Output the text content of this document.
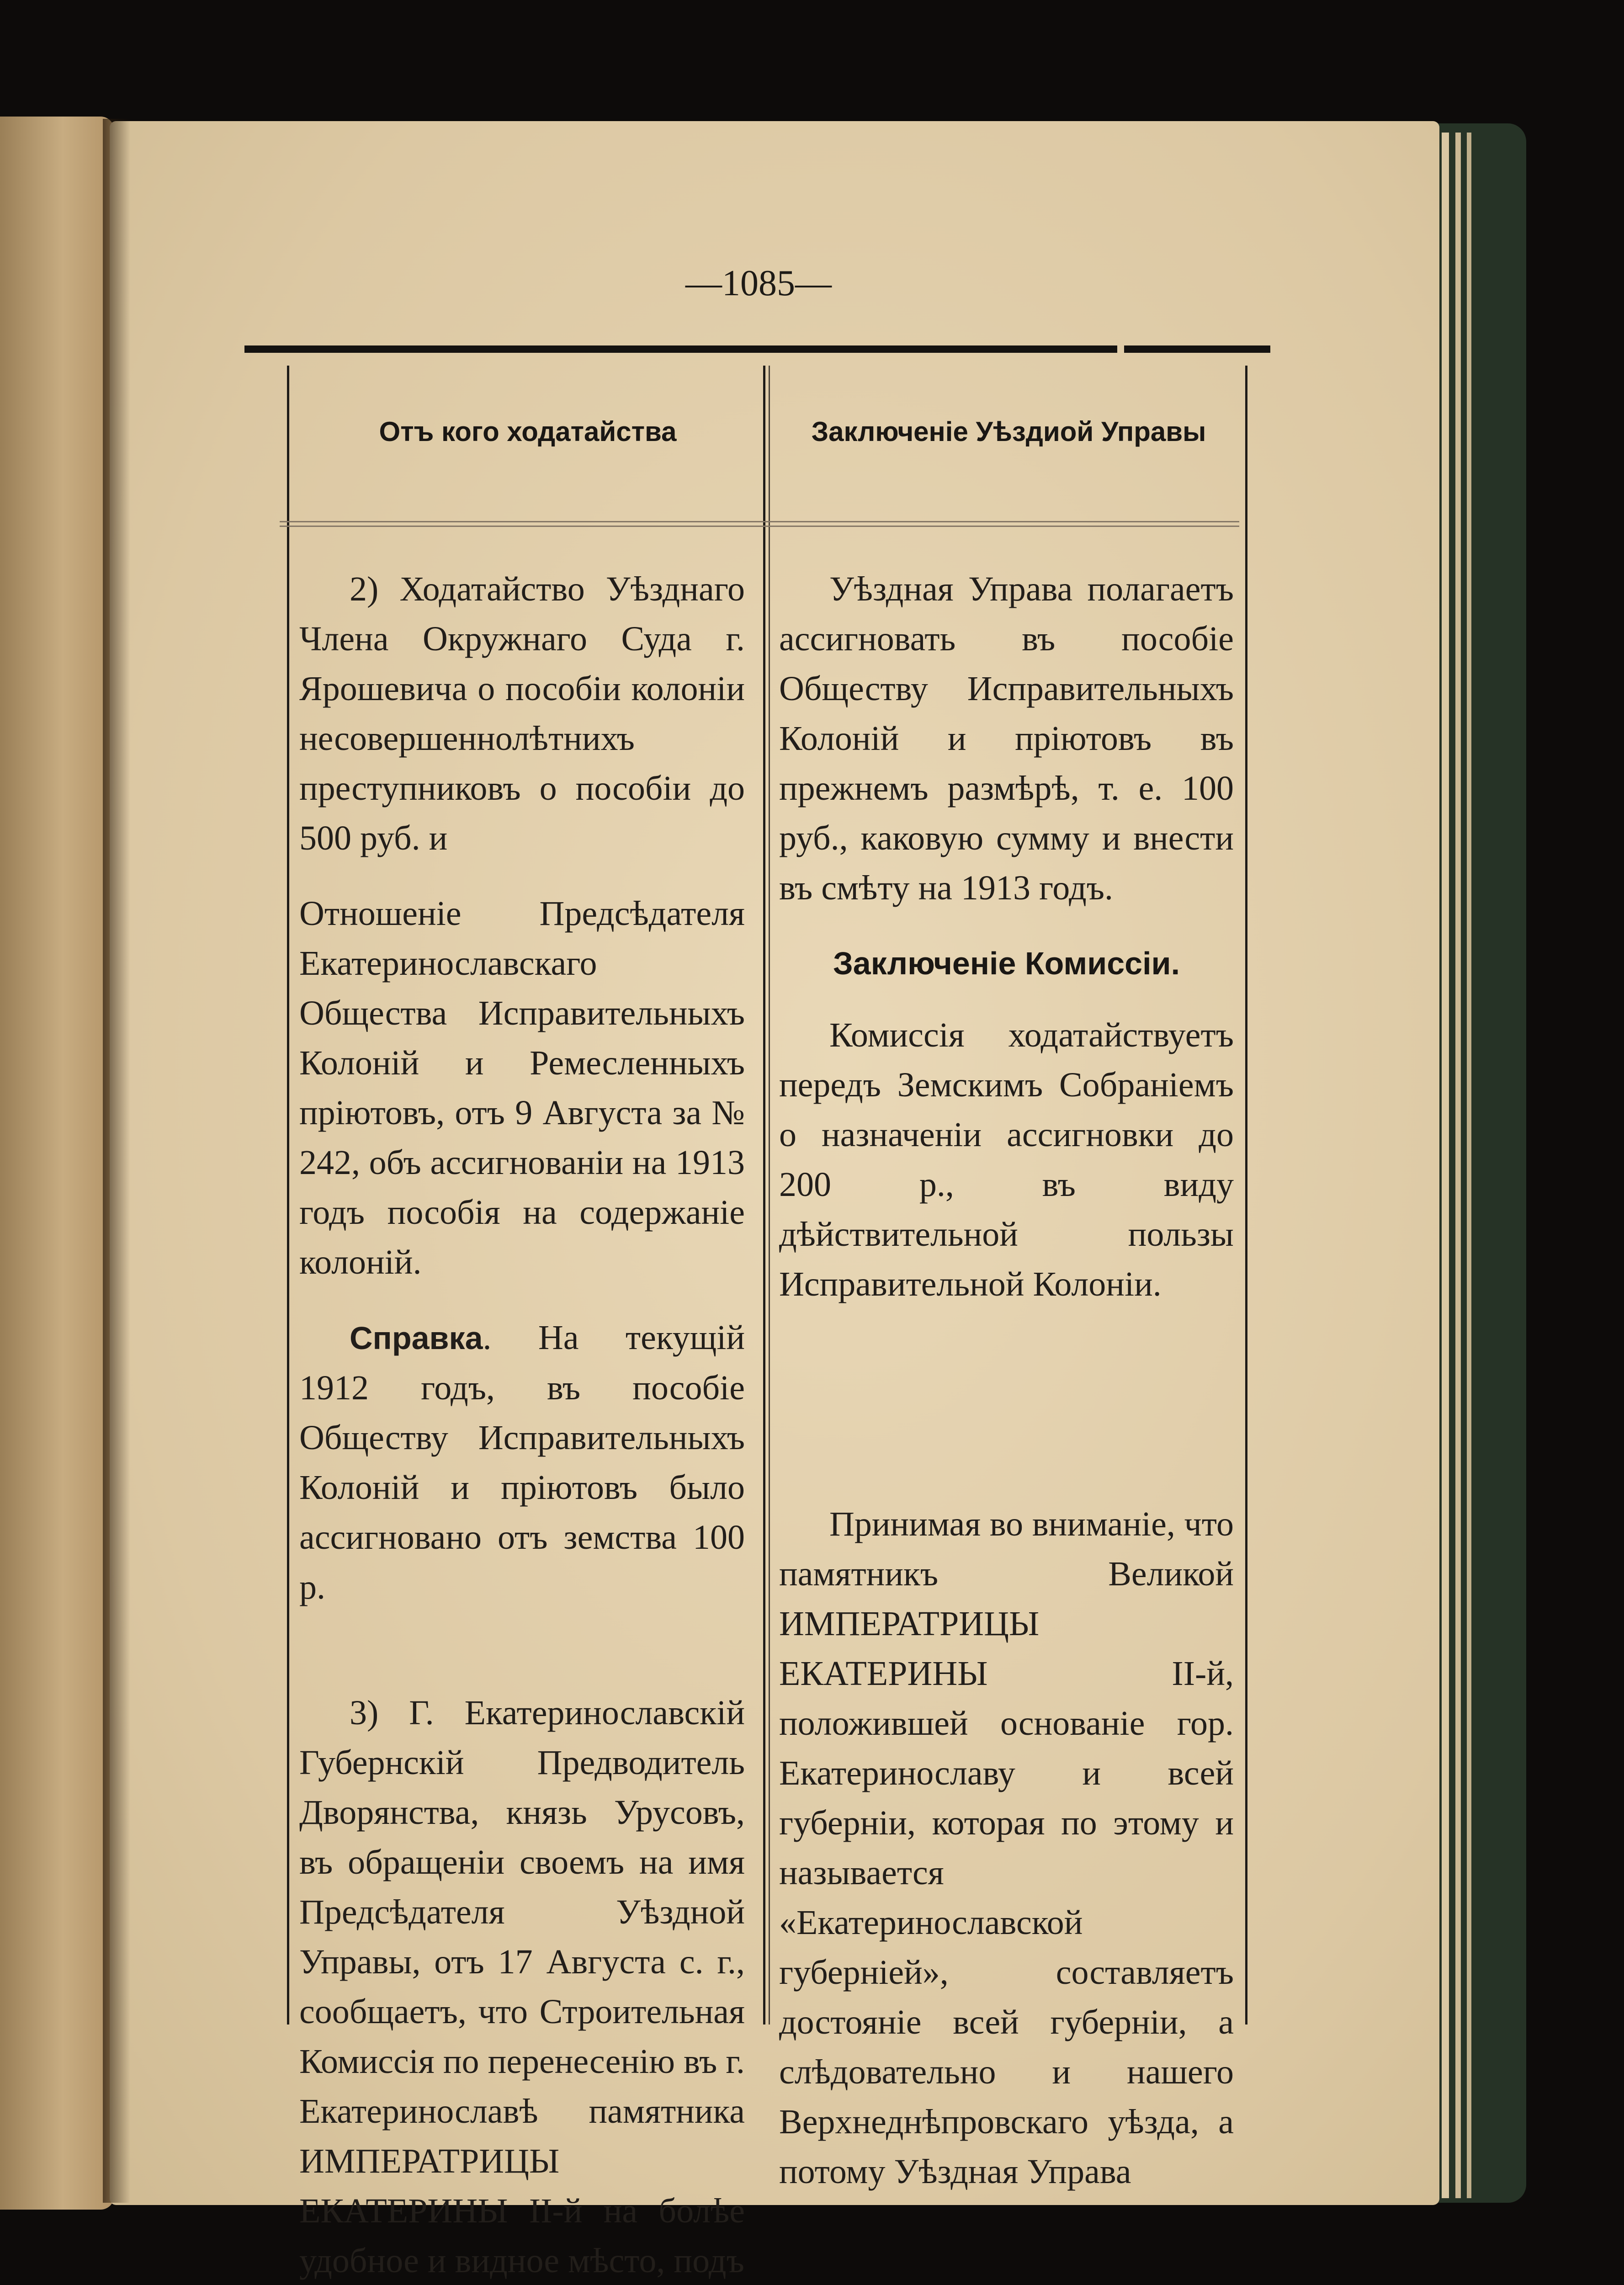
—1085—
Отъ кого ходатайства	Заключеніе Уѣздиой Управы

2) Ходатайство Уѣзднаго Члена Окружнаго Суда г. Ярошевича о пособіи колоніи несовершеннолѣтнихъ преступниковъ о пособіи до 500 руб. и

Отношеніе Предсѣдателя Екатеринославскаго Общества Исправительныхъ Колоній и Ремесленныхъ пріютовъ, отъ 9 Августа за № 242, объ ассигнованіи на 1913 годъ пособія на содержаніе колоній.

Справка. На текущій 1912 годъ, въ пособіе Обществу Исправительныхъ Колоній и пріютовъ было ассигновано отъ земства 100 р.

3) Г. Екатеринославскій Губернскій Предводитель Дворянства, князь Урусовъ, въ обращеніи своемъ на имя Предсѣдателя Уѣздной Управы, отъ 17 Августа с. г., сообщаетъ, что Строительная Комиссія по перенесенію въ г. Екатеринославѣ памятника ИМПЕРАТРИЦЫ ЕКАТЕРИНЫ II-й на болѣе удобное и видное мѣсто, подъ

Уѣздная Управа полагаетъ ассигновать въ пособіе Обществу Исправительныхъ Колоній и пріютовъ въ прежнемъ размѣрѣ, т. е. 100 руб., каковую сумму и внести въ смѣту на 1913 годъ.

Заключеніе Комиссіи.

Комиссія ходатайствуетъ передъ Земскимъ Собраніемъ о назначеніи ассигновки до 200 р., въ виду дѣйствительной пользы Исправительной Колоніи.

Принимая во вниманіе, что памятникъ Великой ИМПЕРАТРИЦЫ ЕКАТЕРИНЫ II-й, положившей основаніе гор. Екатеринославу и всей губерніи, которая по этому и называется «Екатеринославской губерніей», составляетъ достояніе всей губерніи, а слѣдовательно и нашего Верхнеднѣпровскаго уѣзда, а потому Уѣздная Управа
